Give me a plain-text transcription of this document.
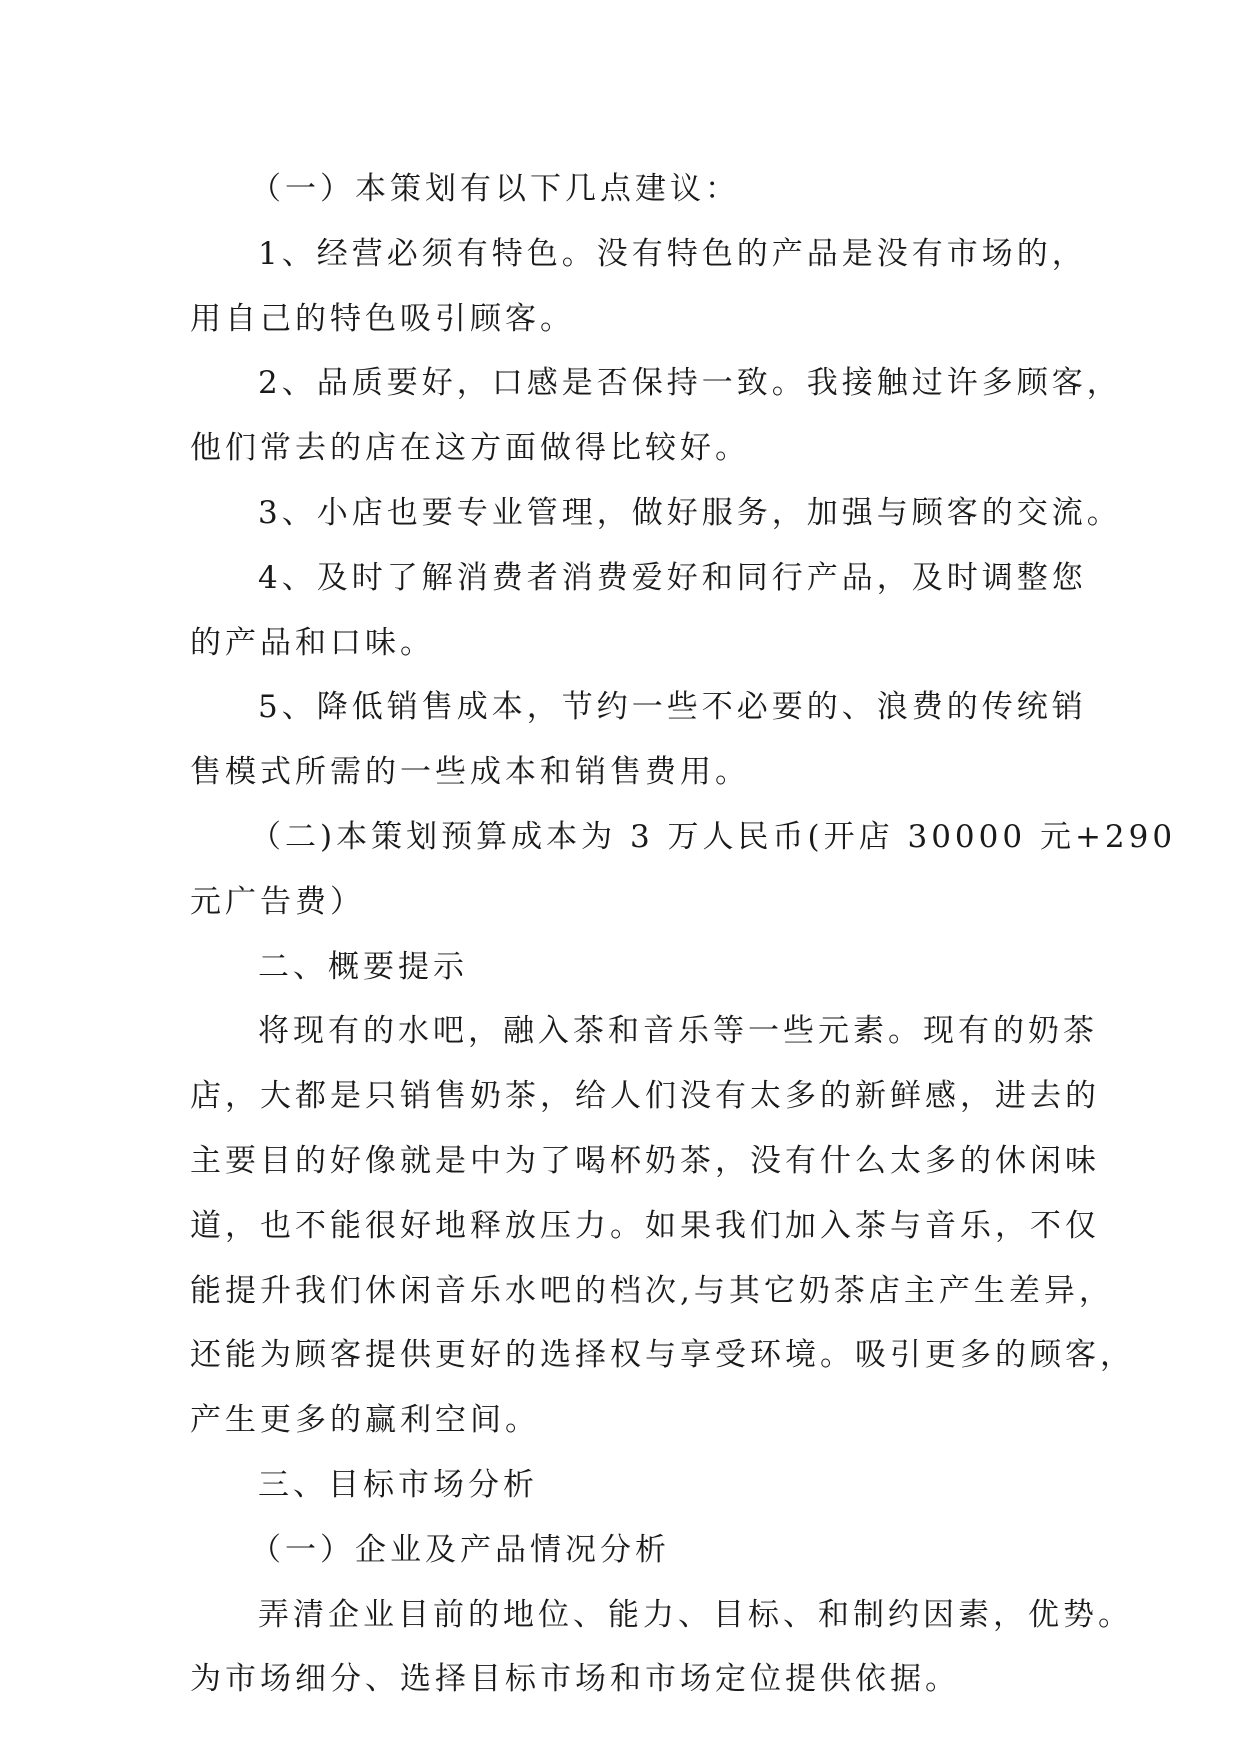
（一）本策划有以下几点建议：
1、经营必须有特色。没有特色的产品是没有市场的，
用自己的特色吸引顾客。
2、品质要好，口感是否保持一致。我接触过许多顾客，
他们常去的店在这方面做得比较好。
3、小店也要专业管理，做好服务，加强与顾客的交流。
4、及时了解消费者消费爱好和同行产品，及时调整您
的产品和口味。
5、降低销售成本，节约一些不必要的、浪费的传统销
售模式所需的一些成本和销售费用。
（二)本策划预算成本为 3 万人民币(开店 30000 元+290
元广告费）
二、概要提示
将现有的水吧，融入茶和音乐等一些元素。现有的奶茶
店，大都是只销售奶茶，给人们没有太多的新鲜感，进去的
主要目的好像就是中为了喝杯奶茶，没有什么太多的休闲味
道，也不能很好地释放压力。如果我们加入茶与音乐，不仅
能提升我们休闲音乐水吧的档次,与其它奶茶店主产生差异，
还能为顾客提供更好的选择权与享受环境。吸引更多的顾客，
产生更多的赢利空间。
三、目标市场分析
（一）企业及产品情况分析
弄清企业目前的地位、能力、目标、和制约因素，优势。
为市场细分、选择目标市场和市场定位提供依据。
